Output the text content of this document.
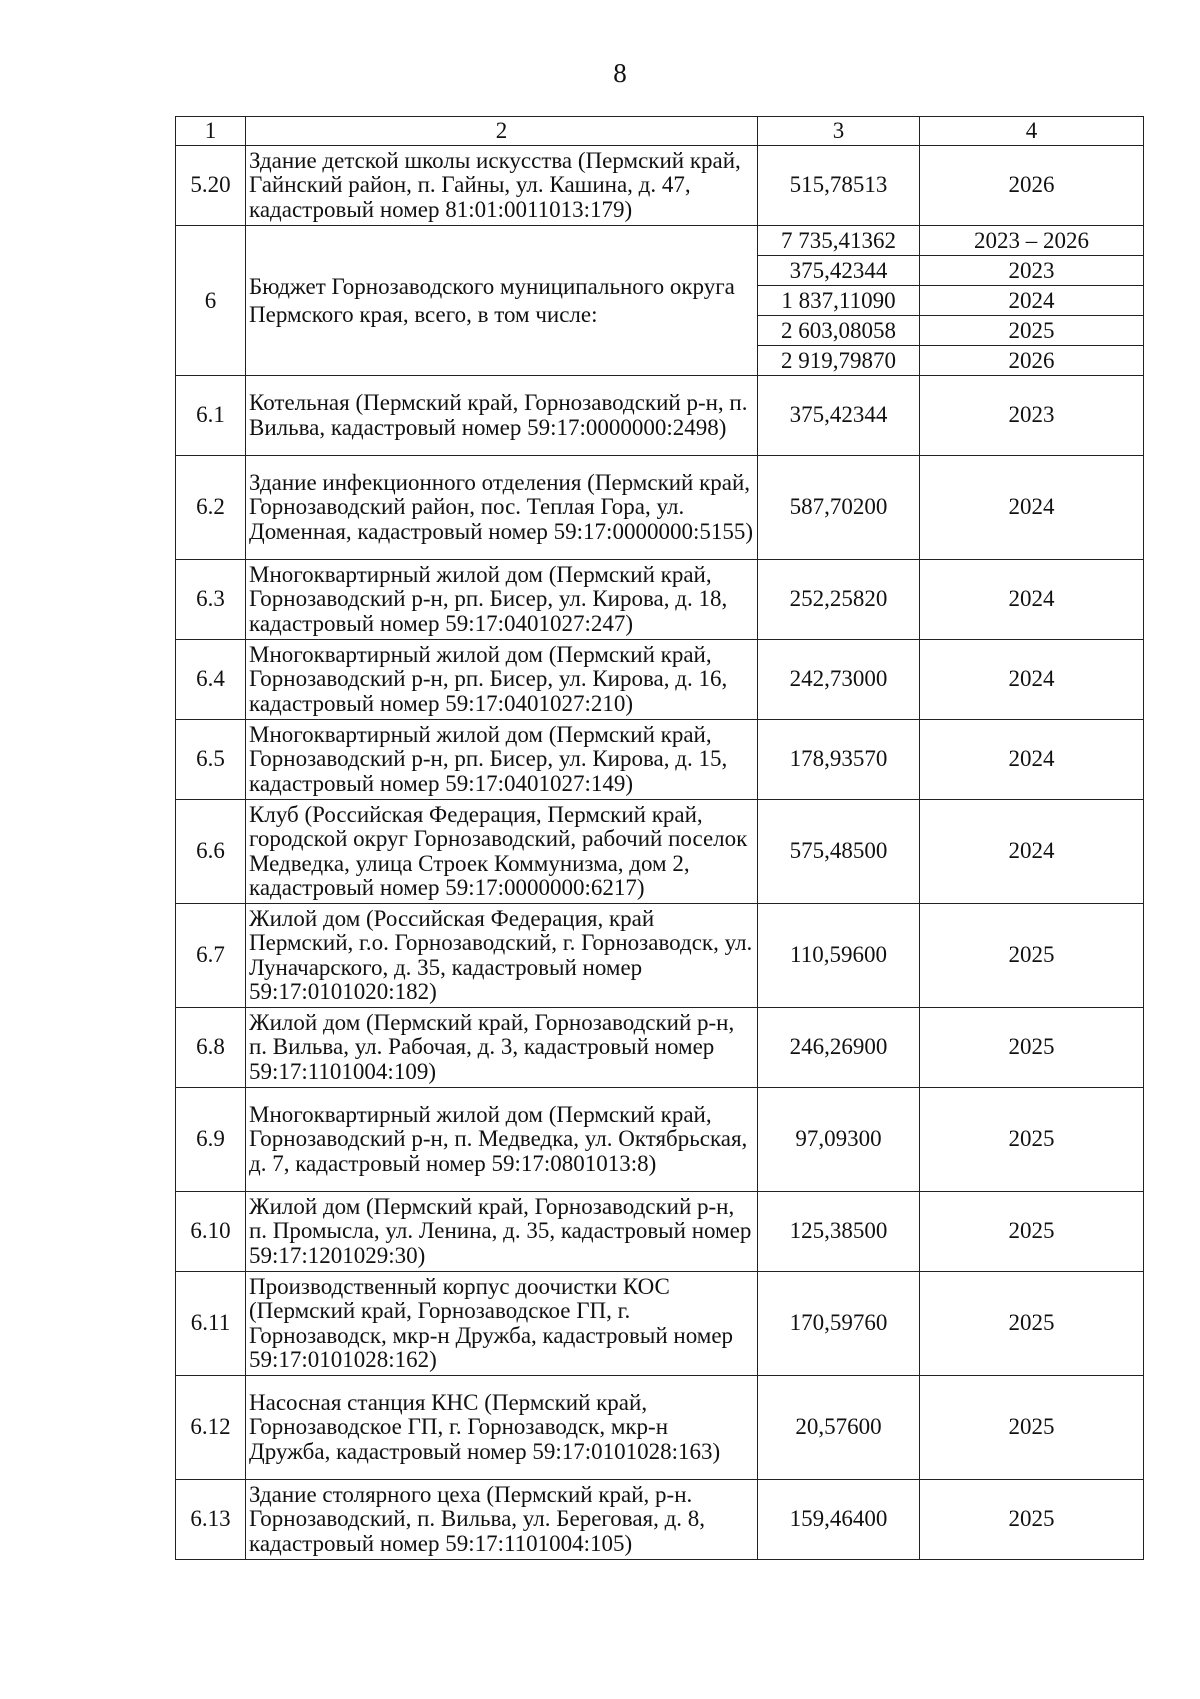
8
1	2	3	4
5.20	Здание детской школы искусства (Пермский край, Гайнский район, п. Гайны, ул. Кашина, д. 47, кадастровый номер 81:01:0011013:179)	515,78513	2026
6	Бюджет Горнозаводского муниципального округа Пермского края, всего, в том числе:	7 735,41362	2023 – 2026
		375,42344	2023
		1 837,11090	2024
		2 603,08058	2025
		2 919,79870	2026
6.1	Котельная (Пермский край, Горнозаводский р-н, п. Вильва, кадастровый номер 59:17:0000000:2498)	375,42344	2023
6.2	Здание инфекционного отделения (Пермский край, Горнозаводский район, пос. Теплая Гора, ул. Доменная, кадастровый номер 59:17:0000000:5155)	587,70200	2024
6.3	Многоквартирный жилой дом (Пермский край, Горнозаводский р-н, рп. Бисер, ул. Кирова, д. 18, кадастровый номер 59:17:0401027:247)	252,25820	2024
6.4	Многоквартирный жилой дом (Пермский край, Горнозаводский р-н, рп. Бисер, ул. Кирова, д. 16, кадастровый номер 59:17:0401027:210)	242,73000	2024
6.5	Многоквартирный жилой дом (Пермский край, Горнозаводский р-н, рп. Бисер, ул. Кирова, д. 15, кадастровый номер 59:17:0401027:149)	178,93570	2024
6.6	Клуб (Российская Федерация, Пермский край, городской округ Горнозаводский, рабочий поселок Медведка, улица Строек Коммунизма, дом 2, кадастровый номер 59:17:0000000:6217)	575,48500	2024
6.7	Жилой дом (Российская Федерация, край Пермский, г.о. Горнозаводский, г. Горнозаводск, ул. Луначарского, д. 35, кадастровый номер 59:17:0101020:182)	110,59600	2025
6.8	Жилой дом (Пермский край, Горнозаводский р-н, п. Вильва, ул. Рабочая, д. 3, кадастровый номер 59:17:1101004:109)	246,26900	2025
6.9	Многоквартирный жилой дом (Пермский край, Горнозаводский р-н, п. Медведка, ул. Октябрьская, д. 7, кадастровый номер 59:17:0801013:8)	97,09300	2025
6.10	Жилой дом (Пермский край, Горнозаводский р-н, п. Промысла, ул. Ленина, д. 35, кадастровый номер 59:17:1201029:30)	125,38500	2025
6.11	Производственный корпус доочистки КОС (Пермский край, Горнозаводское ГП, г. Горнозаводск, мкр-н Дружба, кадастровый номер 59:17:0101028:162)	170,59760	2025
6.12	Насосная станция КНС (Пермский край, Горнозаводское ГП, г. Горнозаводск, мкр-н Дружба, кадастровый номер 59:17:0101028:163)	20,57600	2025
6.13	Здание столярного цеха (Пермский край, р-н. Горнозаводский, п. Вильва, ул. Береговая, д. 8, кадастровый номер 59:17:1101004:105)	159,46400	2025
